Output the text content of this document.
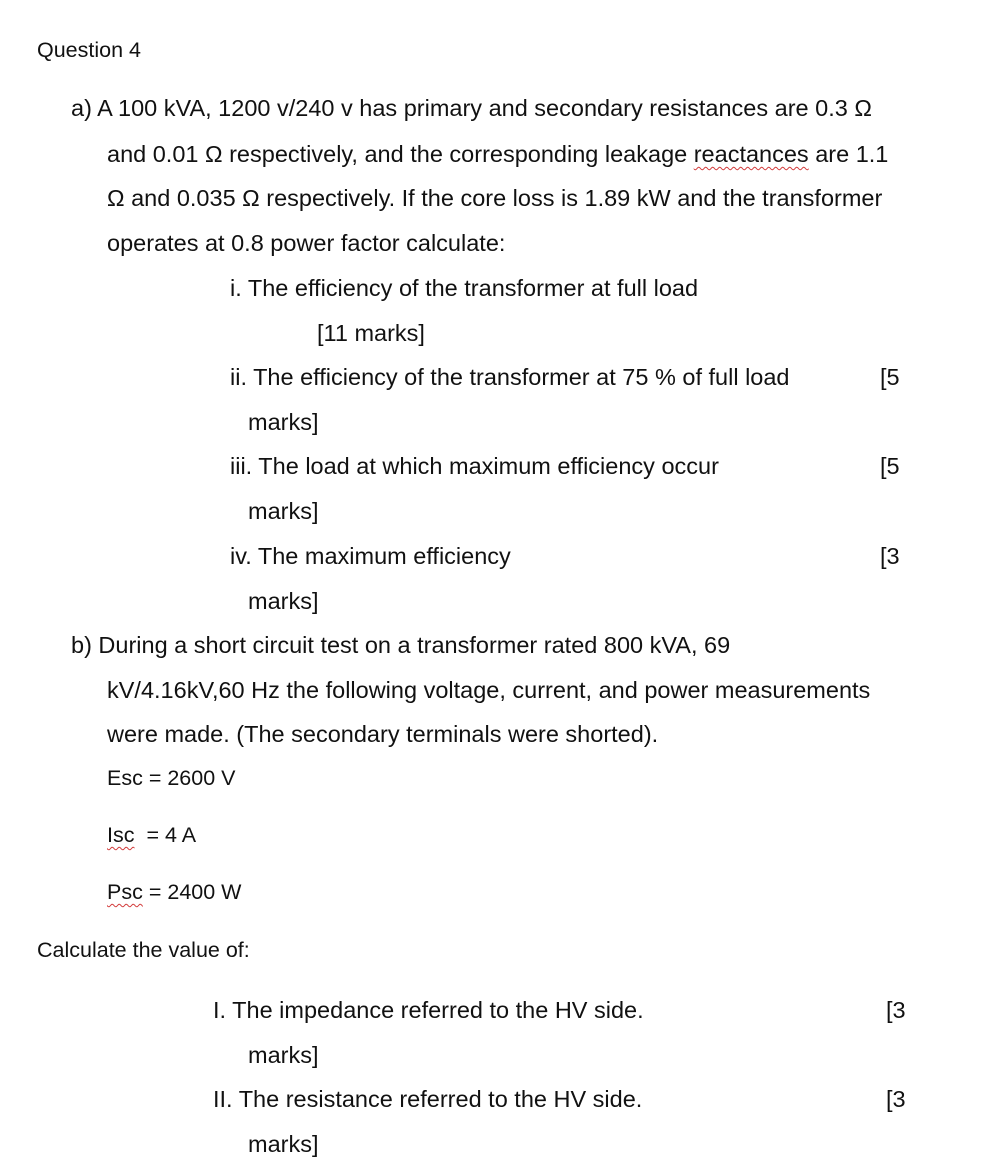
Question 4
a) A 100 kVA, 1200 v/240 v has primary and secondary resistances are 0.3 Ω
and 0.01 Ω respectively, and the corresponding leakage reactances are 1.1
Ω and 0.035 Ω respectively. If the core loss is 1.89 kW and the transformer
operates at 0.8 power factor calculate:
i. The efficiency of the transformer at full load
[11 marks]
ii. The efficiency of the transformer at 75 % of full load	[5
marks]
iii. The load at which maximum efficiency occur	[5
marks]
iv. The maximum efficiency	[3
marks]
b) During a short circuit test on a transformer rated 800 kVA, 69
kV/4.16kV,60 Hz the following voltage, current, and power measurements
were made. (The secondary terminals were shorted).
Esc = 2600 V
Isc = 4 A
Psc = 2400 W
Calculate the value of:
I. The impedance referred to the HV side.	[3
marks]
II. The resistance referred to the HV side.	[3
marks]
